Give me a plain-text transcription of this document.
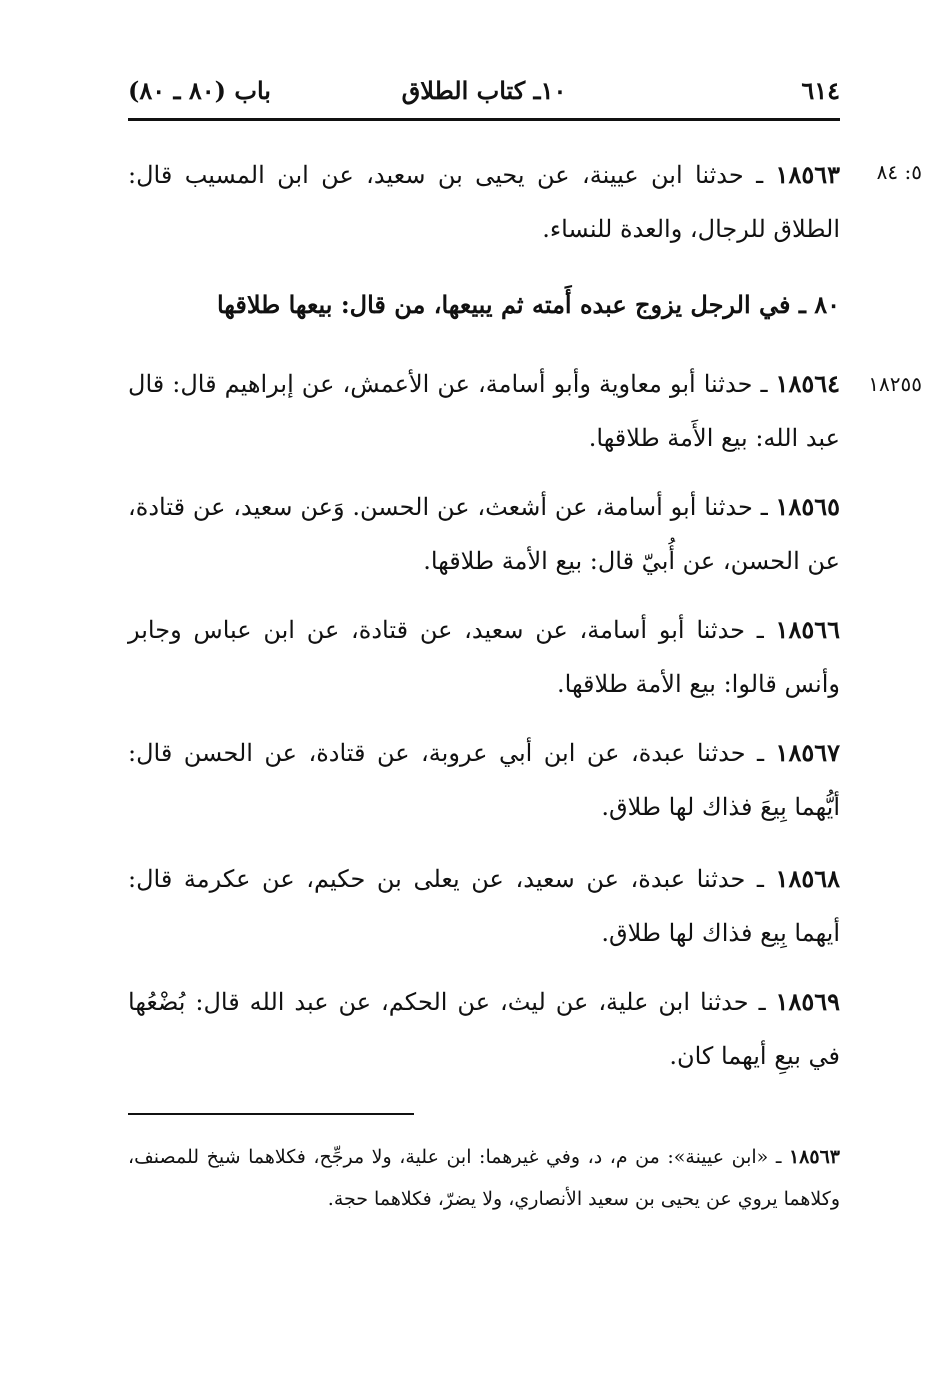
٦١٤
١٠ـ كتاب الطلاق
باب (٨٠ ـ ٨٠)
١٨٥٦٣ ـ حدثنا ابن عيينة، عن يحيى بن سعيد، عن ابن المسيب قال: الطلاق للرجال، والعدة للنساء.
٨٠ ـ في الرجل يزوج عبده أَمته ثم يبيعها، من قال: بيعها طلاقها
١٨٥٦٤ ـ حدثنا أبو معاوية وأبو أسامة، عن الأعمش، عن إبراهيم قال: قال عبد الله: بيع الأَمة طلاقها.
١٨٥٦٥ ـ حدثنا أبو أسامة، عن أشعث، عن الحسن. وَعن سعيد، عن قتادة، عن الحسن، عن أُبيّ قال: بيع الأمة طلاقها.
١٨٥٦٦ ـ حدثنا أبو أسامة، عن سعيد، عن قتادة، عن ابن عباس وجابر وأنس قالوا: بيع الأمة طلاقها.
١٨٥٦٧ ـ حدثنا عبدة، عن ابن أبي عروبة، عن قتادة، عن الحسن قال: أيُّهما بِيعَ فذاك لها طلاق.
١٨٥٦٨ ـ حدثنا عبدة، عن سعيد، عن يعلى بن حكيم، عن عكرمة قال: أيهما بِيع فذاك لها طلاق.
١٨٥٦٩ ـ حدثنا ابن علية، عن ليث، عن الحكم، عن عبد الله قال: بُضْعُها في بيعِ أيهما كان.
١٨٥٦٣ ـ «ابن عيينة»: من م، د، وفي غيرهما: ابن علية، ولا مرجِّح، فكلاهما شيخ للمصنف، وكلاهما يروي عن يحيى بن سعيد الأنصاري، ولا يضرّ، فكلاهما حجة.
٥: ٨٤
١٨٢٥٥
